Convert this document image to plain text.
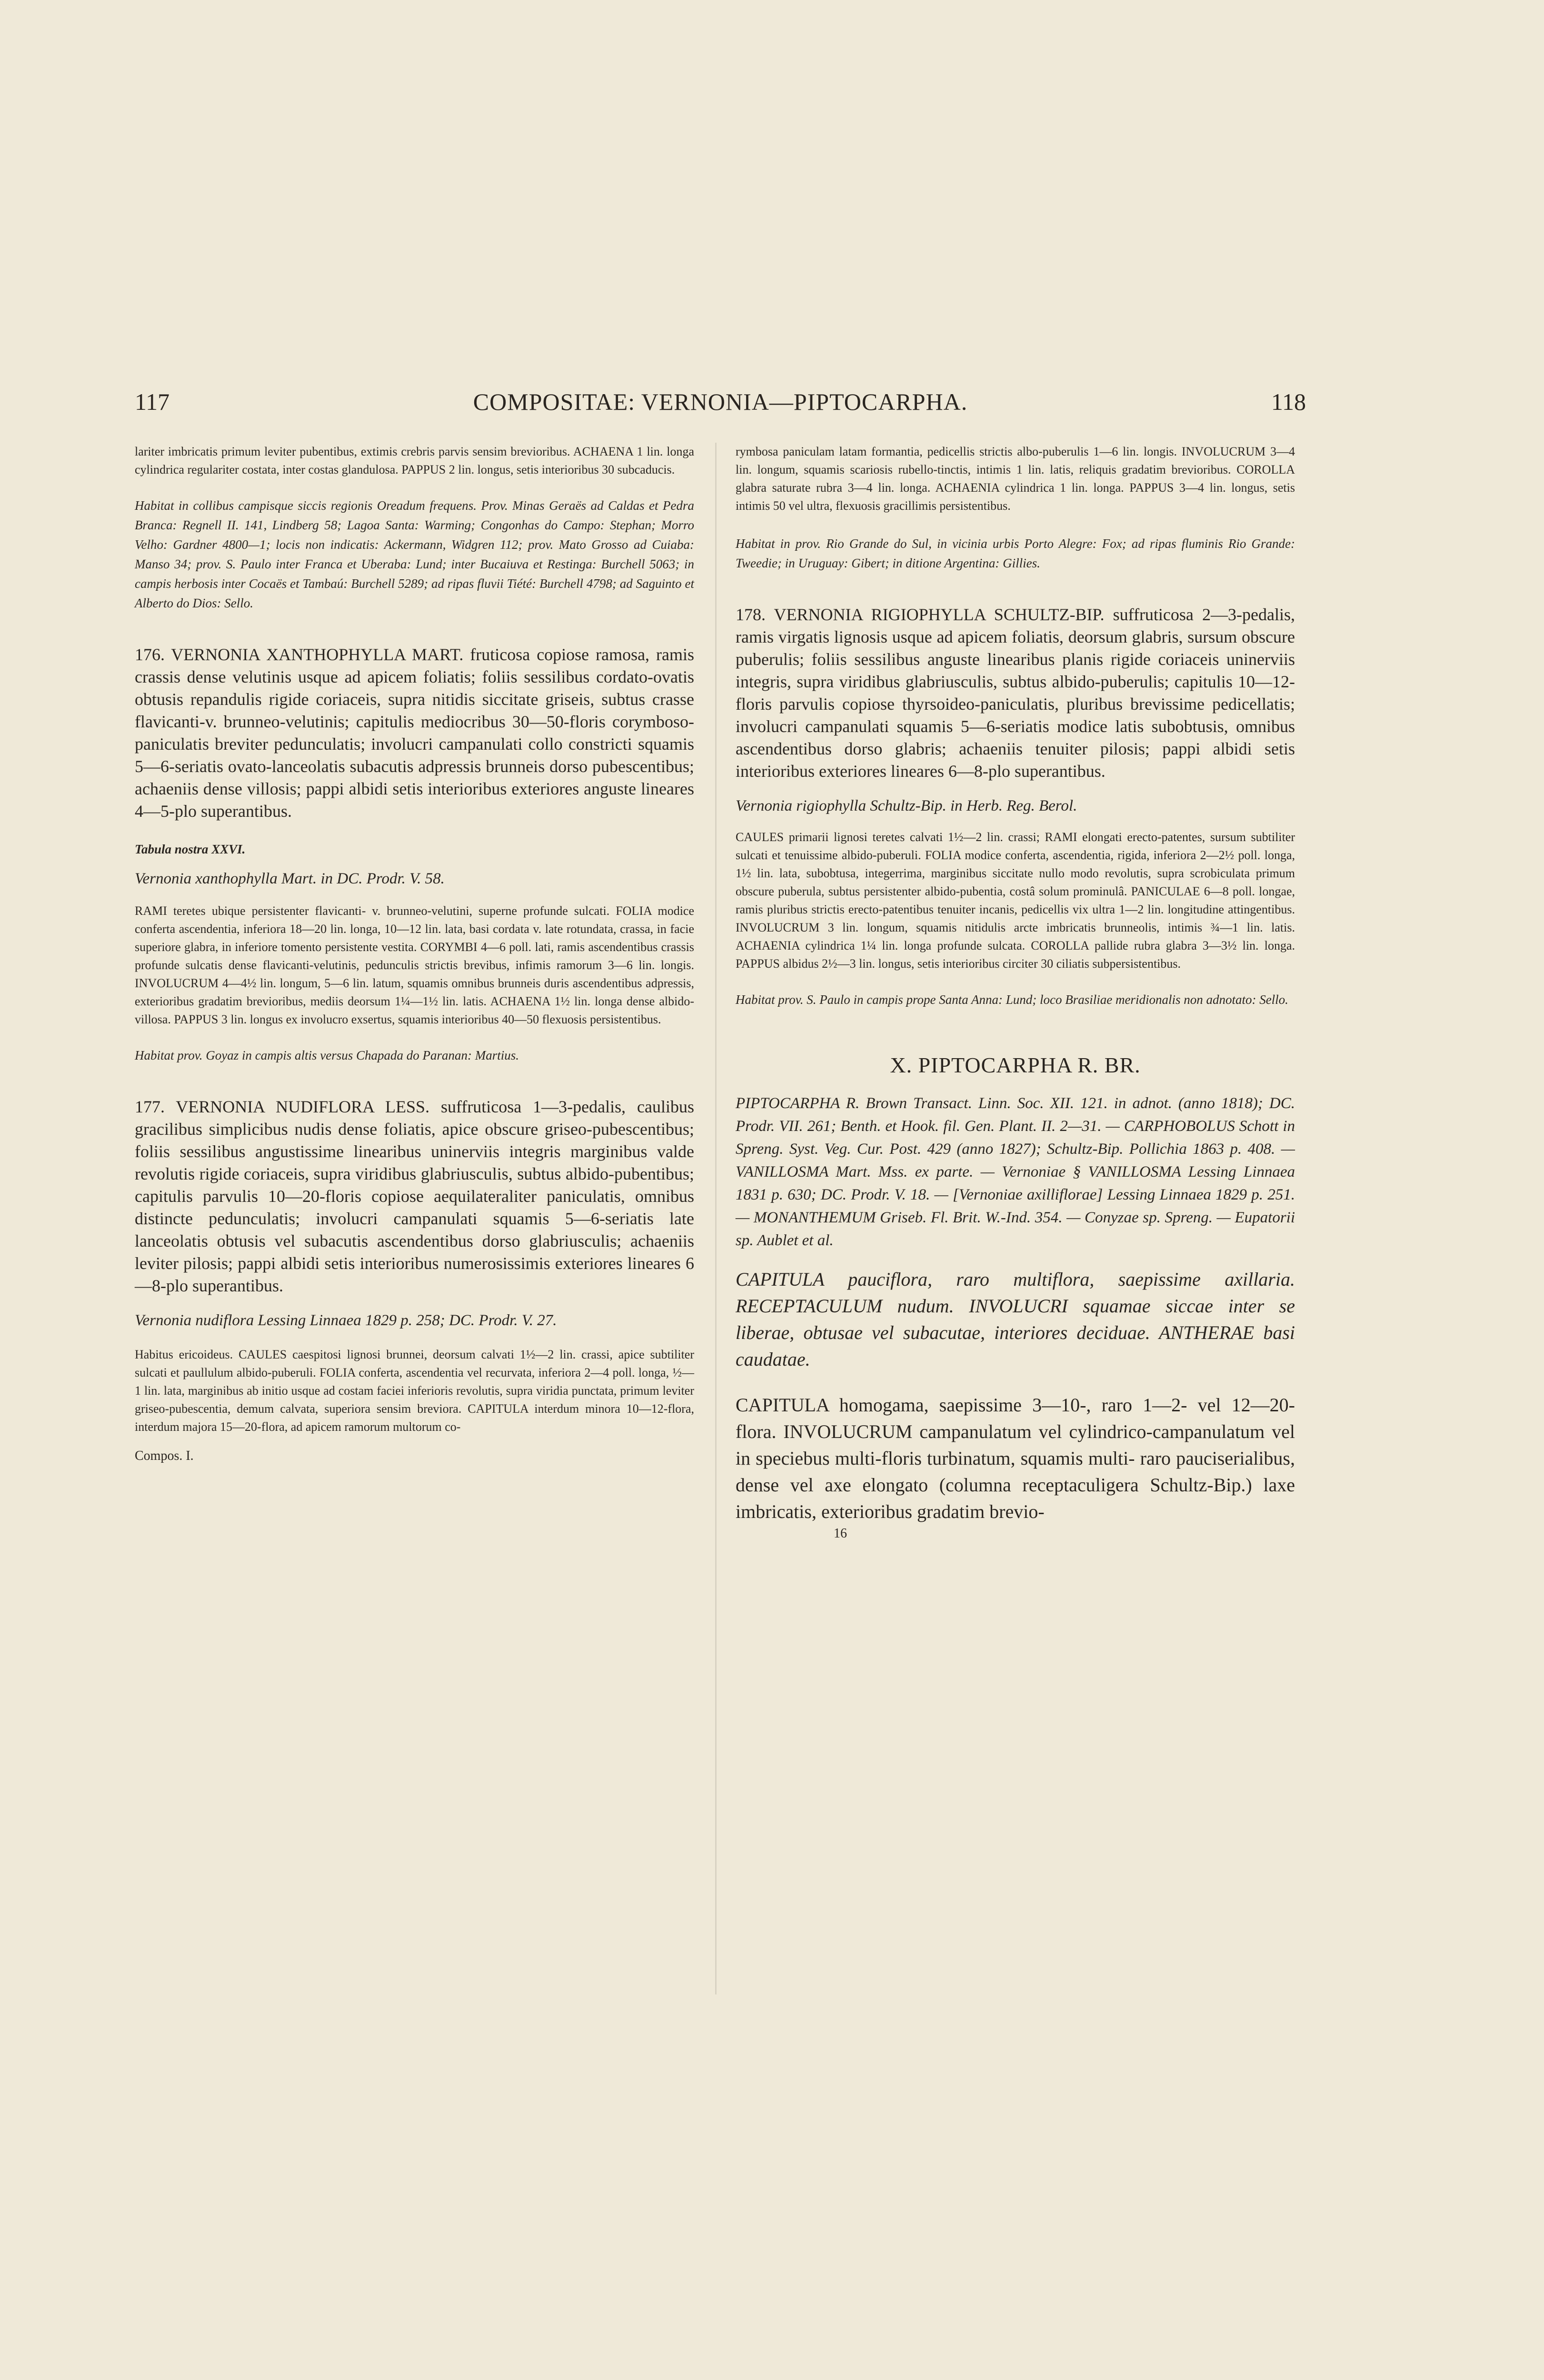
117	COMPOSITAE: VERNONIA—PIPTOCARPHA.	118

lariter imbricatis primum leviter pubentibus, extimis crebris parvis sensim brevioribus. ACHAENA 1 lin. longa cylindrica regulariter costata, inter costas glandulosa. PAPPUS 2 lin. longus, setis interioribus 30 subcaducis.

Habitat in collibus campisque siccis regionis Oreadum frequens. Prov. Minas Geraës ad Caldas et Pedra Branca: Regnell II. 141, Lindberg 58; Lagoa Santa: Warming; Congonhas do Campo: Stephan; Morro Velho: Gardner 4800—1; locis non indicatis: Ackermann, Widgren 112; prov. Mato Grosso ad Cuiaba: Manso 34; prov. S. Paulo inter Franca et Uberaba: Lund; inter Bucaiuva et Restinga: Burchell 5063; in campis herbosis inter Cocaës et Tambaú: Burchell 5289; ad ripas fluvii Tiété: Burchell 4798; ad Saguinto et Alberto do Dios: Sello.

176. VERNONIA XANTHOPHYLLA MART. fruticosa copiose ramosa, ramis crassis dense velutinis usque ad apicem foliatis; foliis sessilibus cordato-ovatis obtusis repandulis rigide coriaceis, supra nitidis siccitate griseis, subtus crasse flavicanti-v. brunneo-velutinis; capitulis mediocribus 30—50-floris corymboso-paniculatis breviter pedunculatis; involucri campanulati collo constricti squamis 5—6-seriatis ovato-lanceolatis subacutis adpressis brunneis dorso pubescentibus; achaeniis dense villosis; pappi albidi setis interioribus exteriores anguste lineares 4—5-plo superantibus.

Tabula nostra XXVI.

Vernonia xanthophylla Mart. in DC. Prodr. V. 58.

RAMI teretes ubique persistenter flavicanti- v. brunneo-velutini, superne profunde sulcati. FOLIA modice conferta ascendentia, inferiora 18—20 lin. longa, 10—12 lin. lata, basi cordata v. late rotundata, crassa, in facie superiore glabra, in inferiore tomento persistente vestita. CORYMBI 4—6 poll. lati, ramis ascendentibus crassis profunde sulcatis dense flavicanti-velutinis, pedunculis strictis brevibus, infimis ramorum 3—6 lin. longis. INVOLUCRUM 4—4½ lin. longum, 5—6 lin. latum, squamis omnibus brunneis duris ascendentibus adpressis, exterioribus gradatim brevioribus, mediis deorsum 1¼—1½ lin. latis. ACHAENA 1½ lin. longa dense albido-villosa. PAPPUS 3 lin. longus ex involucro exsertus, squamis interioribus 40—50 flexuosis persistentibus.

Habitat prov. Goyaz in campis altis versus Chapada do Paranan: Martius.

177. VERNONIA NUDIFLORA LESS. suffruticosa 1—3-pedalis, caulibus gracilibus simplicibus nudis dense foliatis, apice obscure griseo-pubescentibus; foliis sessilibus angustissime linearibus uninerviis integris marginibus valde revolutis rigide coriaceis, supra viridibus glabriusculis, subtus albido-pubentibus; capitulis parvulis 10—20-floris copiose aequilateraliter paniculatis, omnibus distincte pedunculatis; involucri campanulati squamis 5—6-seriatis late lanceolatis obtusis vel subacutis ascendentibus dorso glabriusculis; achaeniis leviter pilosis; pappi albidi setis interioribus numerosissimis exteriores lineares 6—8-plo superantibus.

Vernonia nudiflora Lessing Linnaea 1829 p. 258; DC. Prodr. V. 27.

Habitus ericoideus. CAULES caespitosi lignosi brunnei, deorsum calvati 1½—2 lin. crassi, apice subtiliter sulcati et paullulum albido-puberuli. FOLIA conferta, ascendentia vel recurvata, inferiora 2—4 poll. longa, ½—1 lin. lata, marginibus ab initio usque ad costam faciei inferioris revolutis, supra viridia punctata, primum leviter griseo-pubescentia, demum calvata, superiora sensim breviora. CAPITULA interdum minora 10—12-flora, interdum majora 15—20-flora, ad apicem ramorum multorum co-

Compos. I.

rymbosa paniculam latam formantia, pedicellis strictis albo-puberulis 1—6 lin. longis. INVOLUCRUM 3—4 lin. longum, squamis scariosis rubello-tinctis, intimis 1 lin. latis, reliquis gradatim brevioribus. COROLLA glabra saturate rubra 3—4 lin. longa. ACHAENIA cylindrica 1 lin. longa. PAPPUS 3—4 lin. longus, setis intimis 50 vel ultra, flexuosis gracillimis persistentibus.

Habitat in prov. Rio Grande do Sul, in vicinia urbis Porto Alegre: Fox; ad ripas fluminis Rio Grande: Tweedie; in Uruguay: Gibert; in ditione Argentina: Gillies.

178. VERNONIA RIGIOPHYLLA SCHULTZ-BIP. suffruticosa 2—3-pedalis, ramis virgatis lignosis usque ad apicem foliatis, deorsum glabris, sursum obscure puberulis; foliis sessilibus anguste linearibus planis rigide coriaceis uninerviis integris, supra viridibus glabriusculis, subtus albido-puberulis; capitulis 10—12-floris parvulis copiose thyrsoideo-paniculatis, pluribus brevissime pedicellatis; involucri campanulati squamis 5—6-seriatis modice latis subobtusis, omnibus ascendentibus dorso glabris; achaeniis tenuiter pilosis; pappi albidi setis interioribus exteriores lineares 6—8-plo superantibus.

Vernonia rigiophylla Schultz-Bip. in Herb. Reg. Berol.

CAULES primarii lignosi teretes calvati 1½—2 lin. crassi; RAMI elongati erecto-patentes, sursum subtiliter sulcati et tenuissime albido-puberuli. FOLIA modice conferta, ascendentia, rigida, inferiora 2—2½ poll. longa, 1½ lin. lata, subobtusa, integerrima, marginibus siccitate nullo modo revolutis, supra scrobiculata primum obscure puberula, subtus persistenter albido-pubentia, costâ solum prominulâ. PANICULAE 6—8 poll. longae, ramis pluribus strictis erecto-patentibus tenuiter incanis, pedicellis vix ultra 1—2 lin. longitudine attingentibus. INVOLUCRUM 3 lin. longum, squamis nitidulis arcte imbricatis brunneolis, intimis ¾—1 lin. latis. ACHAENIA cylindrica 1¼ lin. longa profunde sulcata. COROLLA pallide rubra glabra 3—3½ lin. longa. PAPPUS albidus 2½—3 lin. longus, setis interioribus circiter 30 ciliatis subpersistentibus.

Habitat prov. S. Paulo in campis prope Santa Anna: Lund; loco Brasiliae meridionalis non adnotato: Sello.

X. PIPTOCARPHA R. BR.

PIPTOCARPHA R. Brown Transact. Linn. Soc. XII. 121. in adnot. (anno 1818); DC. Prodr. VII. 261; Benth. et Hook. fil. Gen. Plant. II. 2—31. — CARPHOBOLUS Schott in Spreng. Syst. Veg. Cur. Post. 429 (anno 1827); Schultz-Bip. Pollichia 1863 p. 408. — VANILLOSMA Mart. Mss. ex parte. — Vernoniae § VANILLOSMA Lessing Linnaea 1831 p. 630; DC. Prodr. V. 18. — [Vernoniae axilliflorae] Lessing Linnaea 1829 p. 251. — MONANTHEMUM Griseb. Fl. Brit. W.-Ind. 354. — Conyzae sp. Spreng. — Eupatorii sp. Aublet et al.

CAPITULA pauciflora, raro multiflora, saepissime axillaria. RECEPTACULUM nudum. INVOLUCRI squamae siccae inter se liberae, obtusae vel subacutae, interiores deciduae. ANTHERAE basi caudatae.

CAPITULA homogama, saepissime 3—10-, raro 1—2- vel 12—20-flora. INVOLUCRUM campanulatum vel cylindrico-campanulatum vel in speciebus multi-floris turbinatum, squamis multi- raro pauciserialibus, dense vel axe elongato (columna receptaculigera Schultz-Bip.) laxe imbricatis, exterioribus gradatim brevio-

16
